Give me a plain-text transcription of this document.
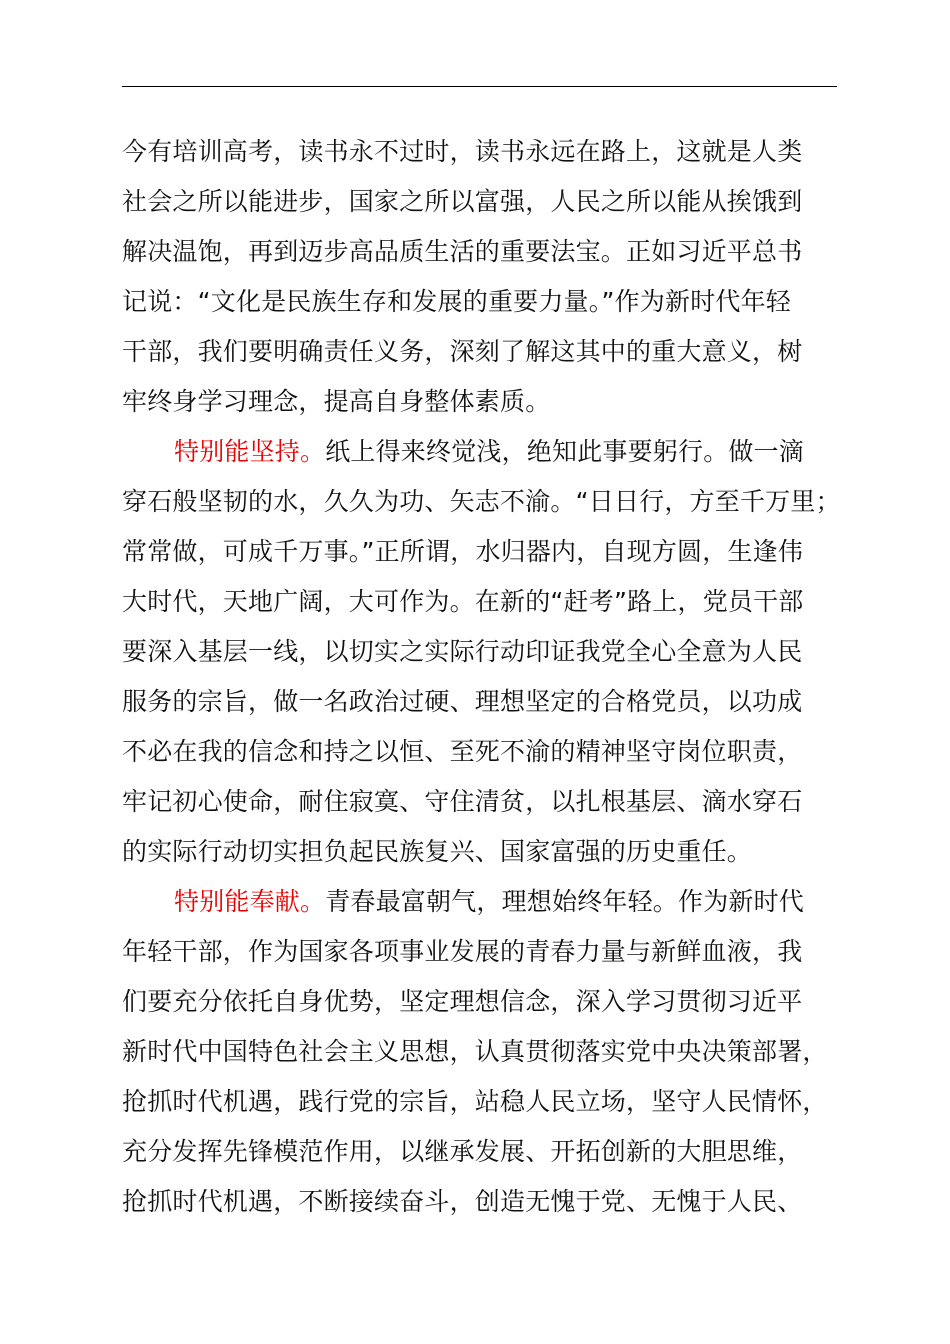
今有培训高考，读书永不过时，读书永远在路上，这就是人类
社会之所以能进步，国家之所以富强，人民之所以能从挨饿到
解决温饱，再到迈步高品质生活的重要法宝。正如习近平总书
记说：“文化是民族生存和发展的重要力量。”作为新时代年轻
干部，我们要明确责任义务，深刻了解这其中的重大意义，树
牢终身学习理念，提高自身整体素质。
特别能坚持。纸上得来终觉浅，绝知此事要躬行。做一滴
穿石般坚韧的水，久久为功、矢志不渝。“日日行，方至千万里；
常常做，可成千万事。”正所谓，水归器内，自现方圆，生逢伟
大时代，天地广阔，大可作为。在新的“赶考”路上，党员干部
要深入基层一线，以切实之实际行动印证我党全心全意为人民
服务的宗旨，做一名政治过硬、理想坚定的合格党员，以功成
不必在我的信念和持之以恒、至死不渝的精神坚守岗位职责，
牢记初心使命，耐住寂寞、守住清贫，以扎根基层、滴水穿石
的实际行动切实担负起民族复兴、国家富强的历史重任。
特别能奉献。青春最富朝气，理想始终年轻。作为新时代
年轻干部，作为国家各项事业发展的青春力量与新鲜血液，我
们要充分依托自身优势，坚定理想信念，深入学习贯彻习近平
新时代中国特色社会主义思想，认真贯彻落实党中央决策部署，
抢抓时代机遇，践行党的宗旨，站稳人民立场，坚守人民情怀，
充分发挥先锋模范作用，以继承发展、开拓创新的大胆思维，
抢抓时代机遇，不断接续奋斗，创造无愧于党、无愧于人民、
